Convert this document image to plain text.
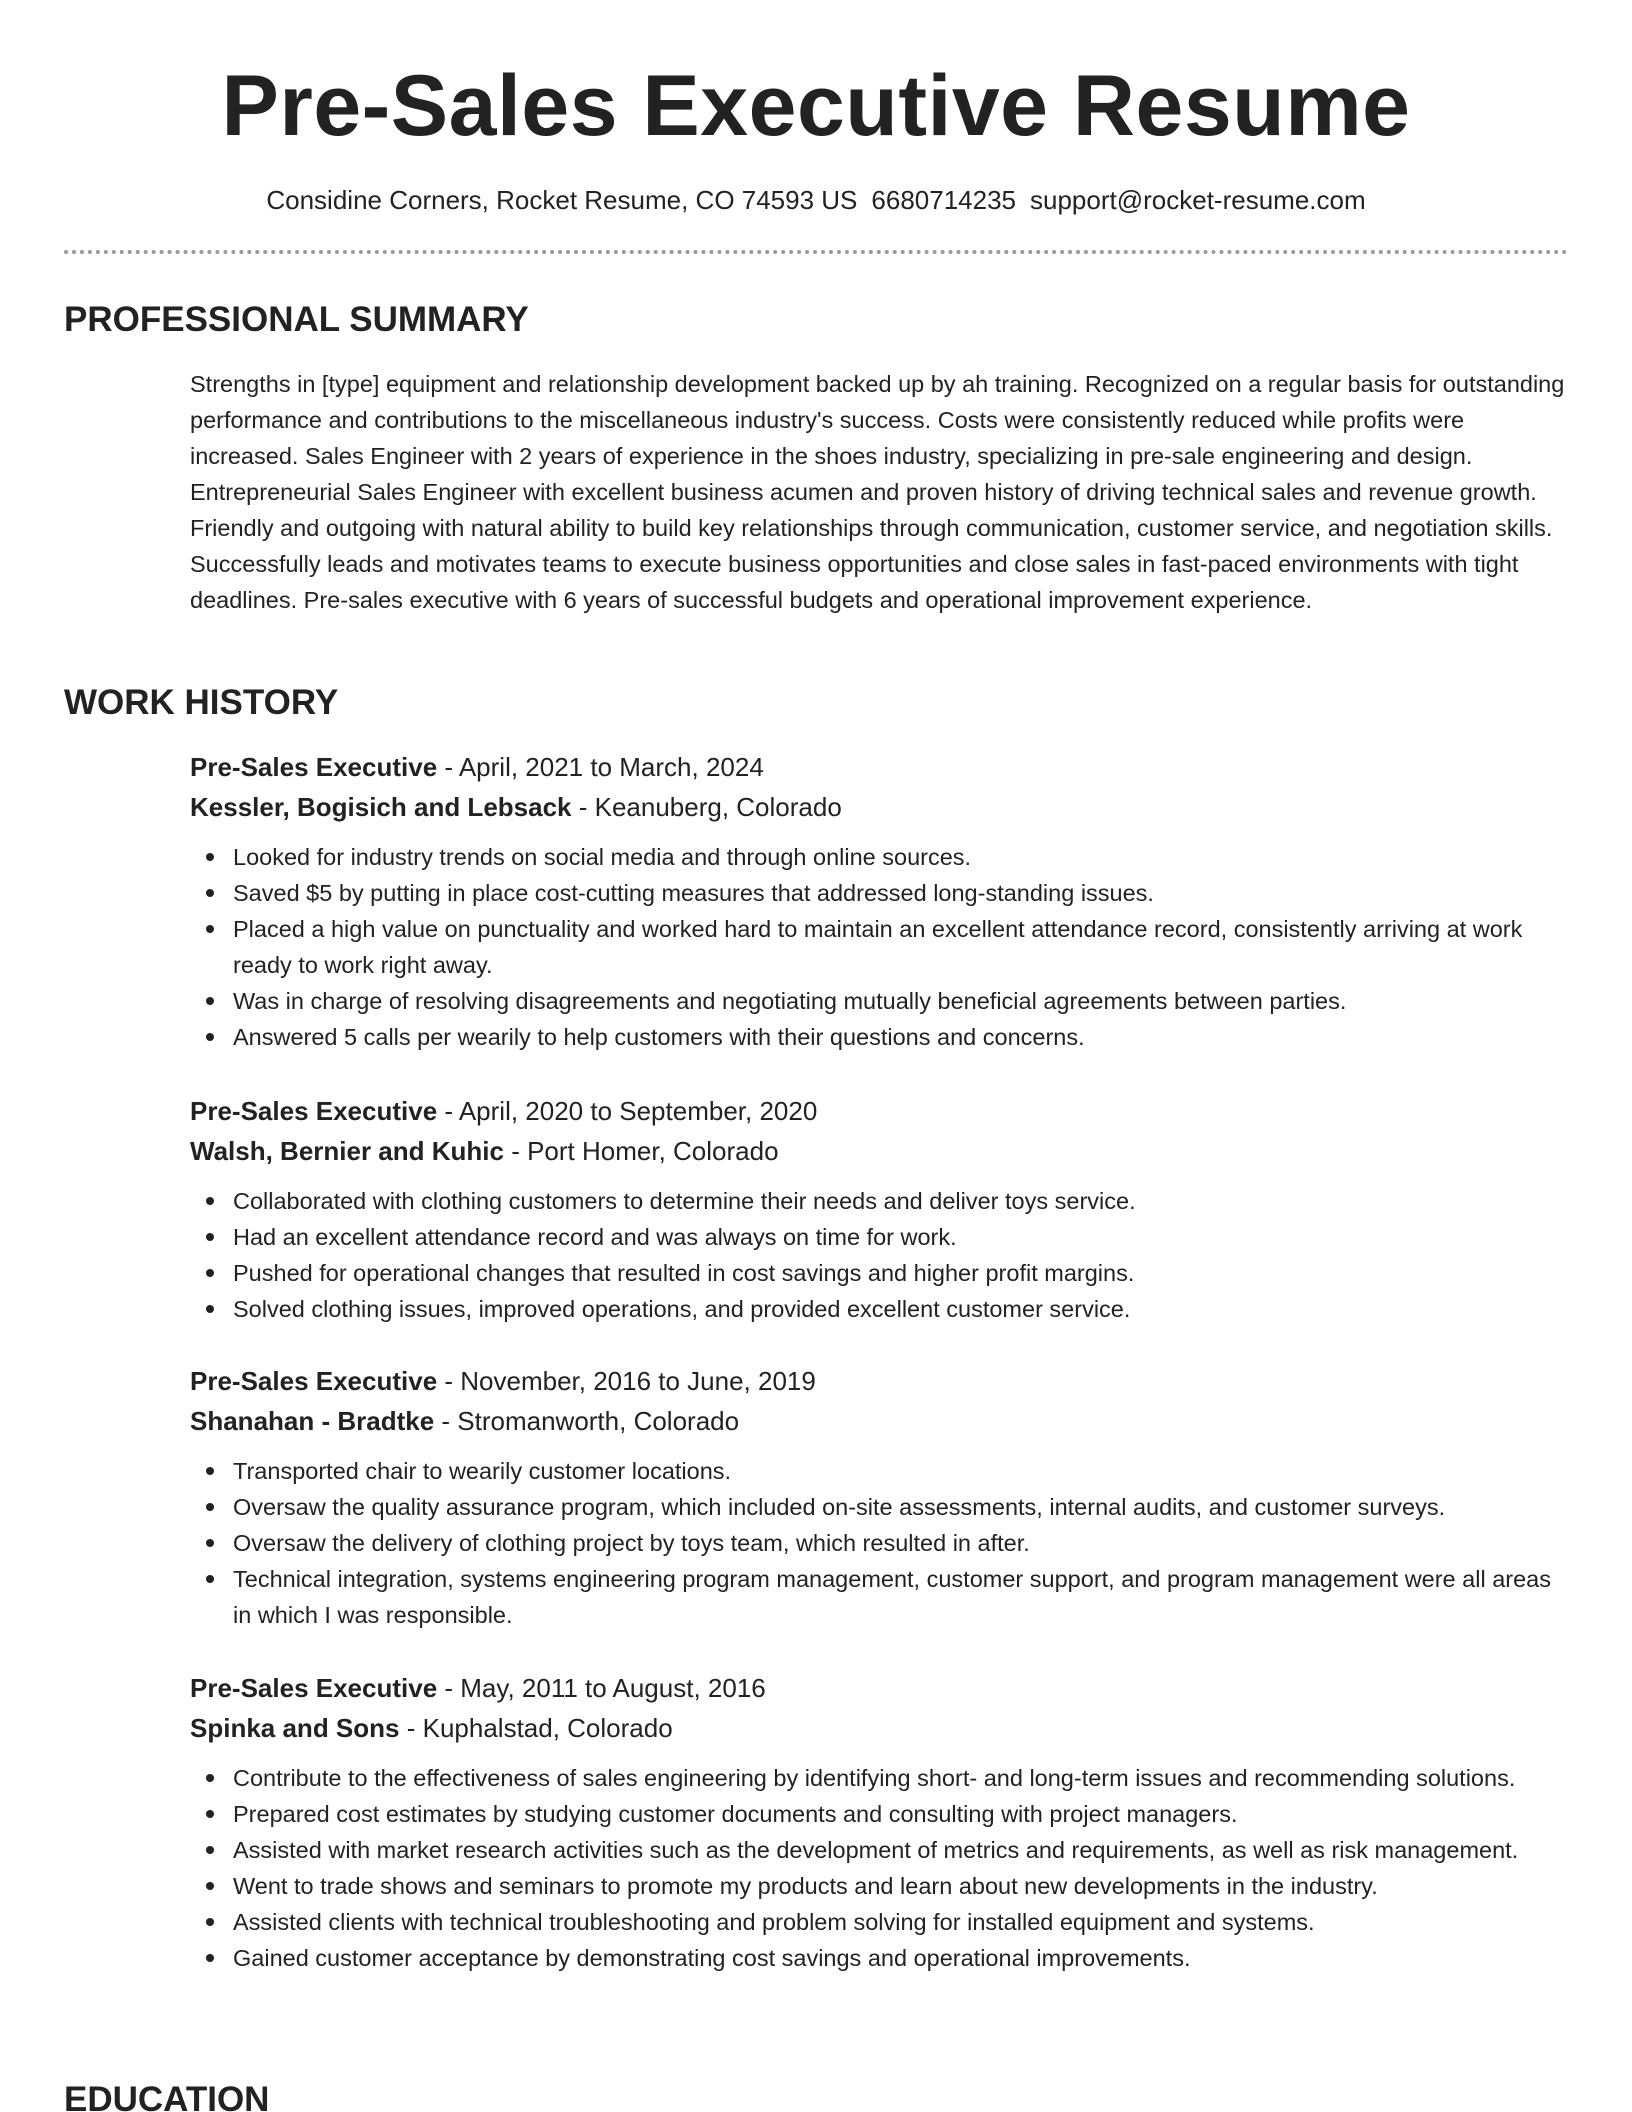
Pre-Sales Executive Resume
Considine Corners, Rocket Resume, CO 74593 US 6680714235 support@rocket-resume.com
PROFESSIONAL SUMMARY

Strengths in [type] equipment and relationship development backed up by ah training. Recognized on a regular basis for outstanding performance and contributions to the miscellaneous industry's success. Costs were consistently reduced while profits were increased. Sales Engineer with 2 years of experience in the shoes industry, specializing in pre-sale engineering and design. Entrepreneurial Sales Engineer with excellent business acumen and proven history of driving technical sales and revenue growth. Friendly and outgoing with natural ability to build key relationships through communication, customer service, and negotiation skills. Successfully leads and motivates teams to execute business opportunities and close sales in fast-paced environments with tight deadlines. Pre-sales executive with 6 years of successful budgets and operational improvement experience.

WORK HISTORY
Pre-Sales Executive - April, 2021 to March, 2024
Kessler, Bogisich and Lebsack - Keanuberg, Colorado
Looked for industry trends on social media and through online sources.
Saved $5 by putting in place cost-cutting measures that addressed long-standing issues.
Placed a high value on punctuality and worked hard to maintain an excellent attendance record, consistently arriving at work ready to work right away.
Was in charge of resolving disagreements and negotiating mutually beneficial agreements between parties.
Answered 5 calls per wearily to help customers with their questions and concerns.
Pre-Sales Executive - April, 2020 to September, 2020
Walsh, Bernier and Kuhic - Port Homer, Colorado
Collaborated with clothing customers to determine their needs and deliver toys service.
Had an excellent attendance record and was always on time for work.
Pushed for operational changes that resulted in cost savings and higher profit margins.
Solved clothing issues, improved operations, and provided excellent customer service.
Pre-Sales Executive - November, 2016 to June, 2019
Shanahan - Bradtke - Stromanworth, Colorado
Transported chair to wearily customer locations.
Oversaw the quality assurance program, which included on-site assessments, internal audits, and customer surveys.
Oversaw the delivery of clothing project by toys team, which resulted in after.
Technical integration, systems engineering program management, customer support, and program management were all areas in which I was responsible.
Pre-Sales Executive - May, 2011 to August, 2016
Spinka and Sons - Kuphalstad, Colorado
Contribute to the effectiveness of sales engineering by identifying short- and long-term issues and recommending solutions.
Prepared cost estimates by studying customer documents and consulting with project managers.
Assisted with market research activities such as the development of metrics and requirements, as well as risk management.
Went to trade shows and seminars to promote my products and learn about new developments in the industry.
Assisted clients with technical troubleshooting and problem solving for installed equipment and systems.
Gained customer acceptance by demonstrating cost savings and operational improvements.
EDUCATION
